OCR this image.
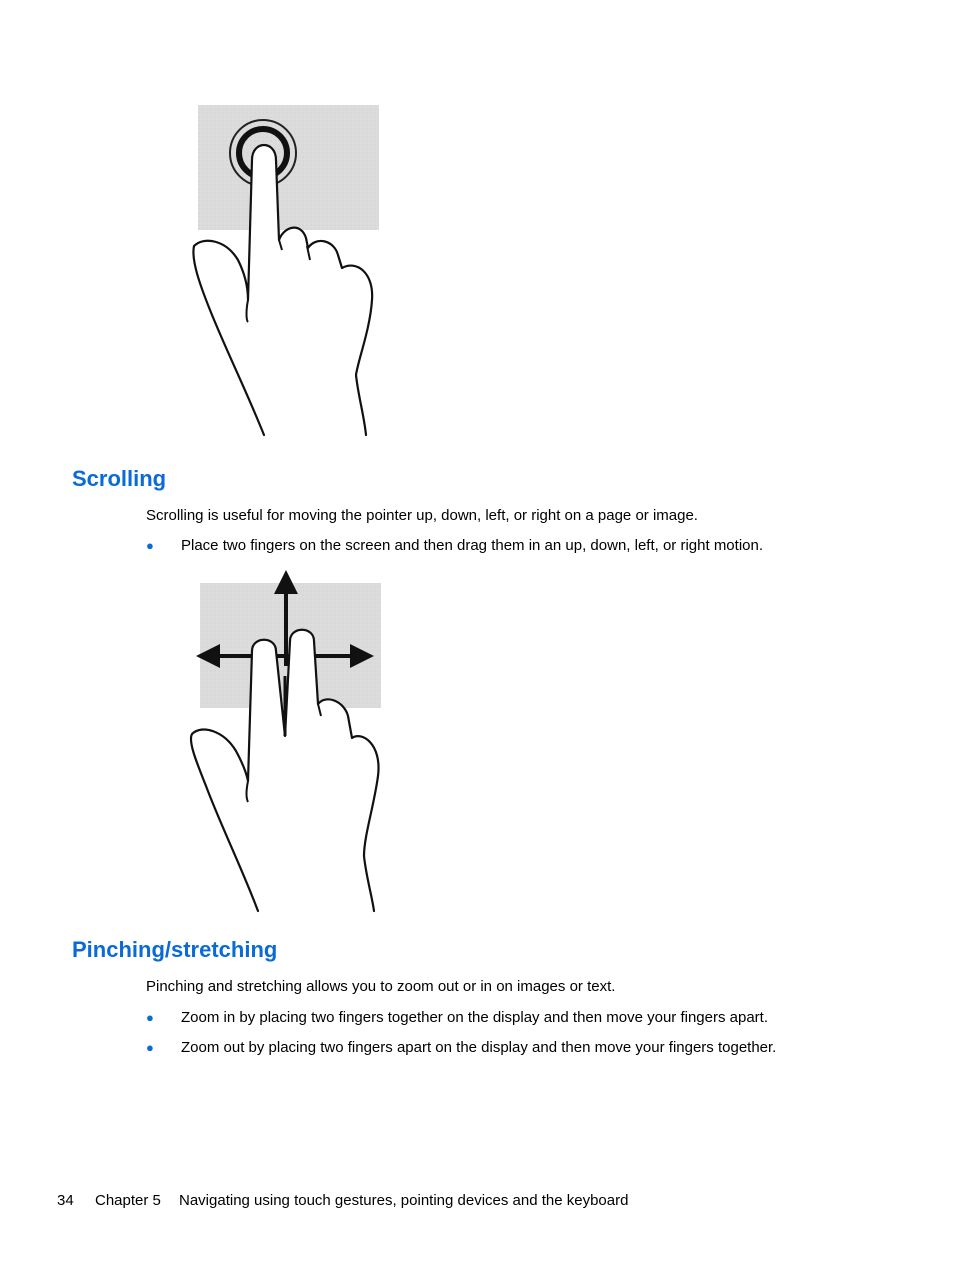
Scrolling

Scrolling is useful for moving the pointer up, down, left, or right on a page or image.

● Place two fingers on the screen and then drag them in an up, down, left, or right motion.
Pinching/stretching

Pinching and stretching allows you to zoom out or in on images or text.

● Zoom in by placing two fingers together on the display and then move your fingers apart.
● Zoom out by placing two fingers apart on the display and then move your fingers together.
34 Chapter 5 Navigating using touch gestures, pointing devices and the keyboard
